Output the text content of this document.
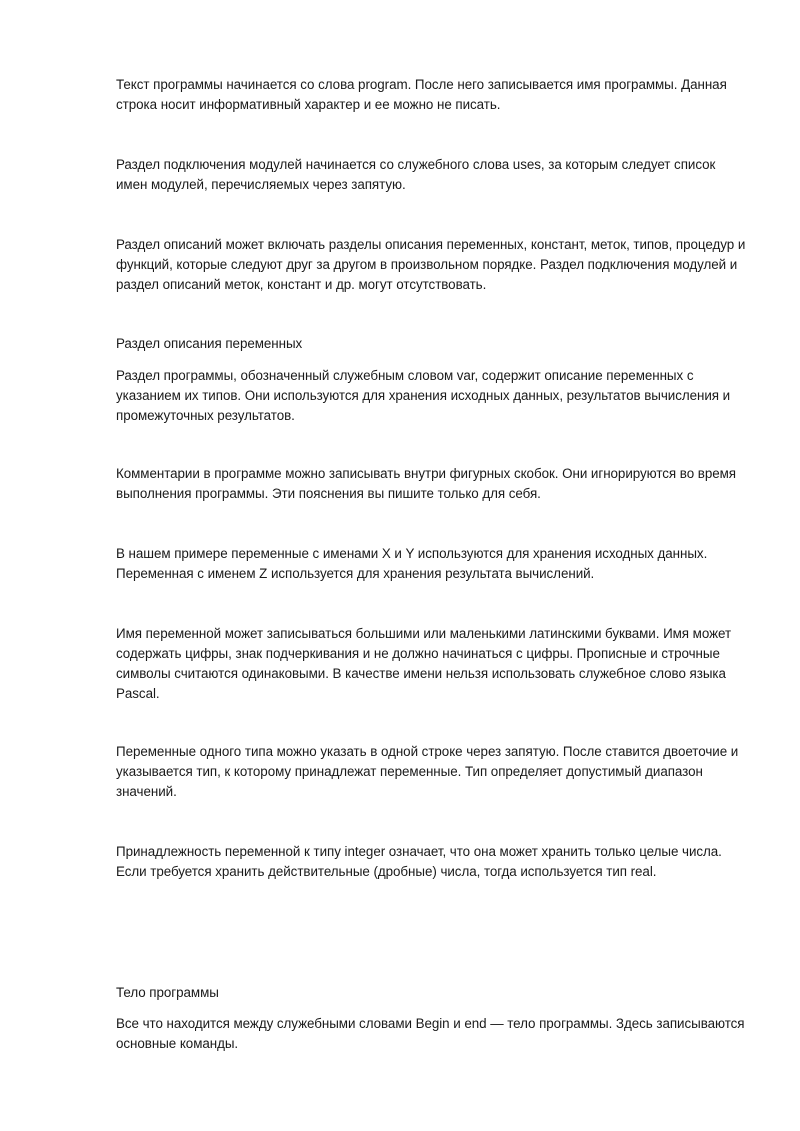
Текст программы начинается со слова program. После него записывается имя программы. Данная строка носит информативный характер и ее можно не писать.

Раздел подключения модулей начинается со служебного слова uses, за которым следует список имен модулей, перечисляемых через запятую.

Раздел описаний может включать разделы описания переменных, констант, меток, типов, процедур и функций, которые следуют друг за другом в произвольном порядке. Раздел подключения модулей и раздел описаний меток, констант и др. могут отсутствовать.

Раздел описания переменных

Раздел программы, обозначенный служебным словом var, содержит описание переменных с указанием их типов. Они используются для хранения исходных данных, результатов вычисления и промежуточных результатов.

Комментарии в программе можно записывать внутри фигурных скобок. Они игнорируются во время выполнения программы. Эти пояснения вы пишите только для себя.

В нашем примере переменные с именами X и Y используются для хранения исходных данных. Переменная с именем Z используется для хранения результата вычислений.

Имя переменной может записываться большими или маленькими латинскими буквами. Имя может содержать цифры, знак подчеркивания и не должно начинаться с цифры. Прописные и строчные символы считаются одинаковыми. В качестве имени нельзя использовать служебное слово языка Pascal.

Переменные одного типа можно указать в одной строке через запятую. После ставится двоеточие и указывается тип, к которому принадлежат переменные. Тип определяет допустимый диапазон значений.

Принадлежность переменной к типу integer означает, что она может хранить только целые числа. Если требуется хранить действительные (дробные) числа, тогда используется тип real.

Тело программы

Все что находится между служебными словами Begin и end — тело программы. Здесь записываются основные команды.
